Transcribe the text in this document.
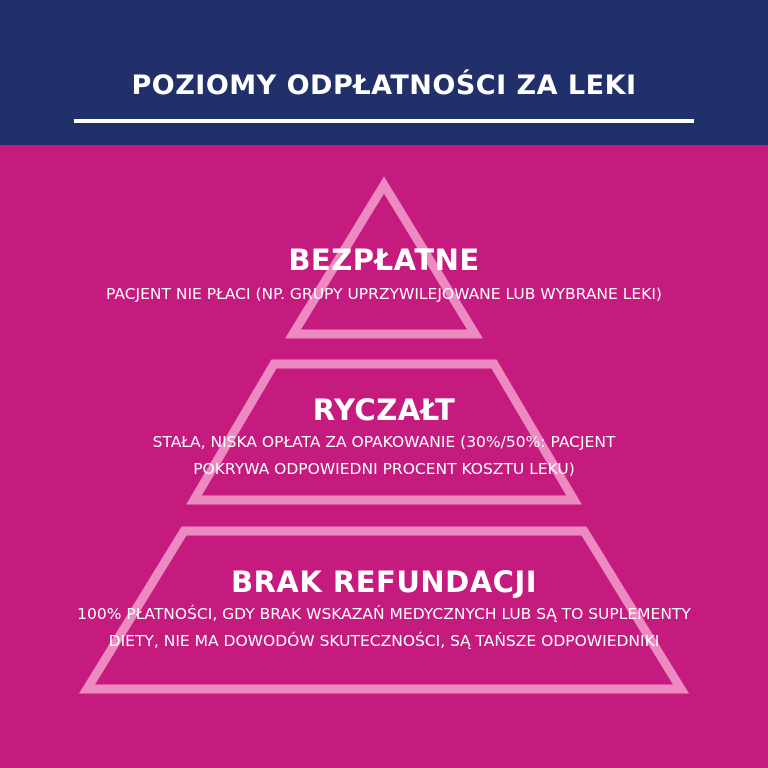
POZIOMY ODPŁATNOŚCI ZA LEKI
BEZPŁATNE
PACJENT NIE PŁACI (NP. GRUPY UPRZYWILEJOWANE LUB WYBRANE LEKI)
RYCZAŁT
STAŁA, NISKA OPŁATA ZA OPAKOWANIE (30%/50%: PACJENT
POKRYWA ODPOWIEDNI PROCENT KOSZTU LEKU)
BRAK REFUNDACJI
100% PŁATNOŚCI, GDY BRAK WSKAZAŃ MEDYCZNYCH LUB SĄ TO SUPLEMENTY
DIETY, NIE MA DOWODÓW SKUTECZNOŚCI, SĄ TAŃSZE ODPOWIEDNIKI
